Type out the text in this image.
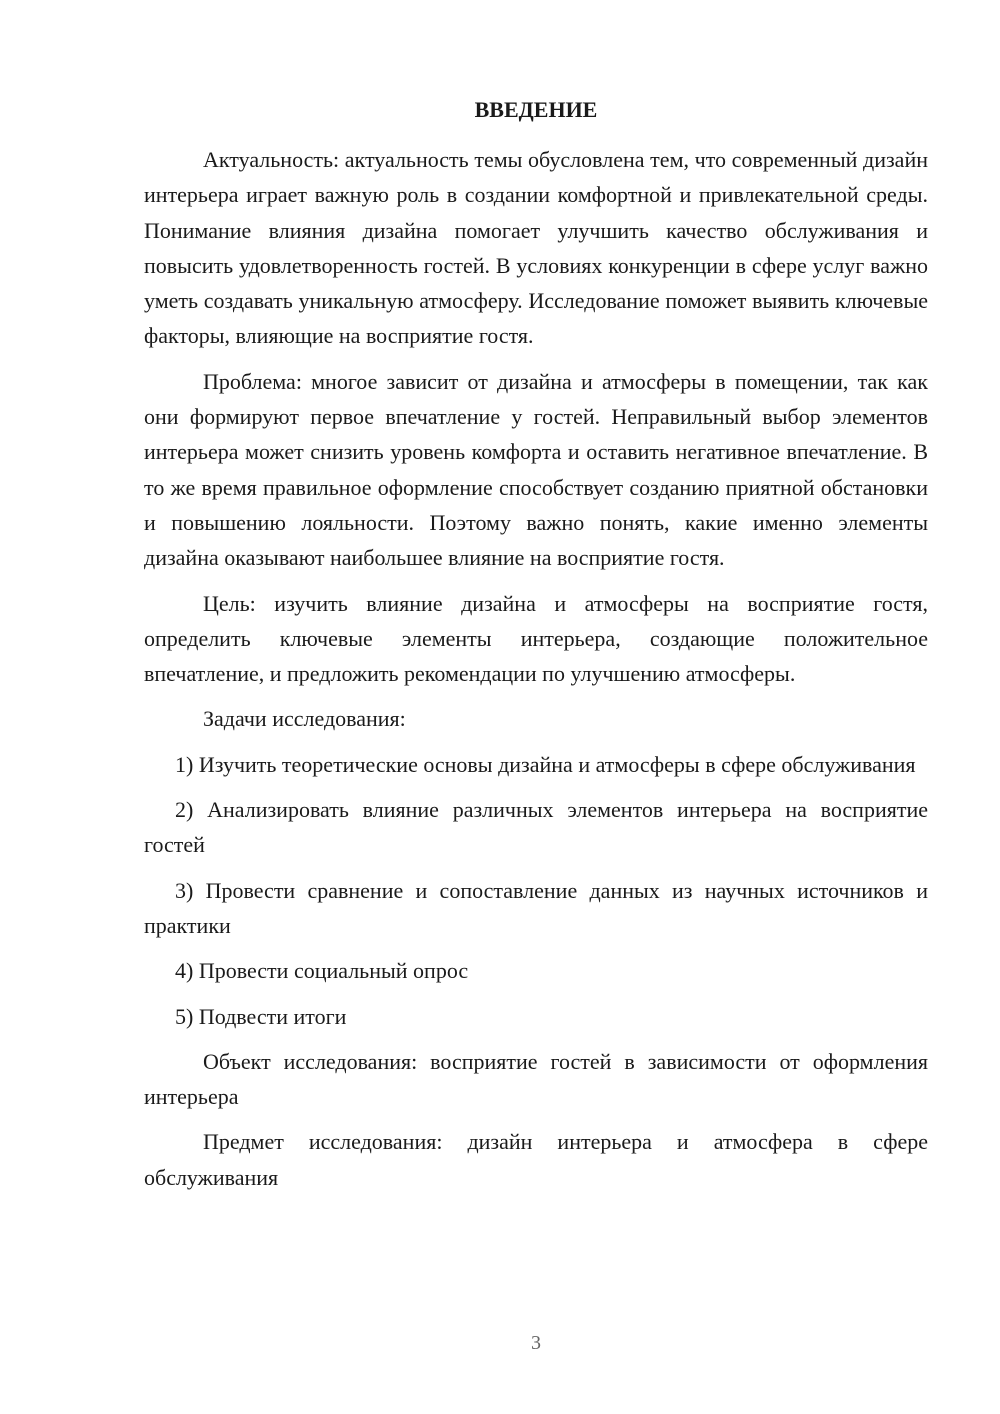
ВВЕДЕНИЕ

Актуальность: актуальность темы обусловлена тем, что современный дизайн интерьера играет важную роль в создании комфортной и привлекательной среды. Понимание влияния дизайна помогает улучшить качество обслуживания и повысить удовлетворенность гостей. В условиях конкуренции в сфере услуг важно уметь создавать уникальную атмосферу. Исследование поможет выявить ключевые факторы, влияющие на восприятие гостя.

Проблема: многое зависит от дизайна и атмосферы в помещении, так как они формируют первое впечатление у гостей. Неправильный выбор элементов интерьера может снизить уровень комфорта и оставить негативное впечатление. В то же время правильное оформление способствует созданию приятной обстановки и повышению лояльности. Поэтому важно понять, какие именно элементы дизайна оказывают наибольшее влияние на восприятие гостя.

Цель: изучить влияние дизайна и атмосферы на восприятие гостя, определить ключевые элементы интерьера, создающие положительное впечатление, и предложить рекомендации по улучшению атмосферы.

Задачи исследования:

1) Изучить теоретические основы дизайна и атмосферы в сфере обслуживания

2) Анализировать влияние различных элементов интерьера на восприятие гостей

3) Провести сравнение и сопоставление данных из научных источников и практики

4) Провести социальный опрос

5) Подвести итоги

Объект исследования: восприятие гостей в зависимости от оформления интерьера

Предмет исследования: дизайн интерьера и атмосфера в сфере обслуживания

3
